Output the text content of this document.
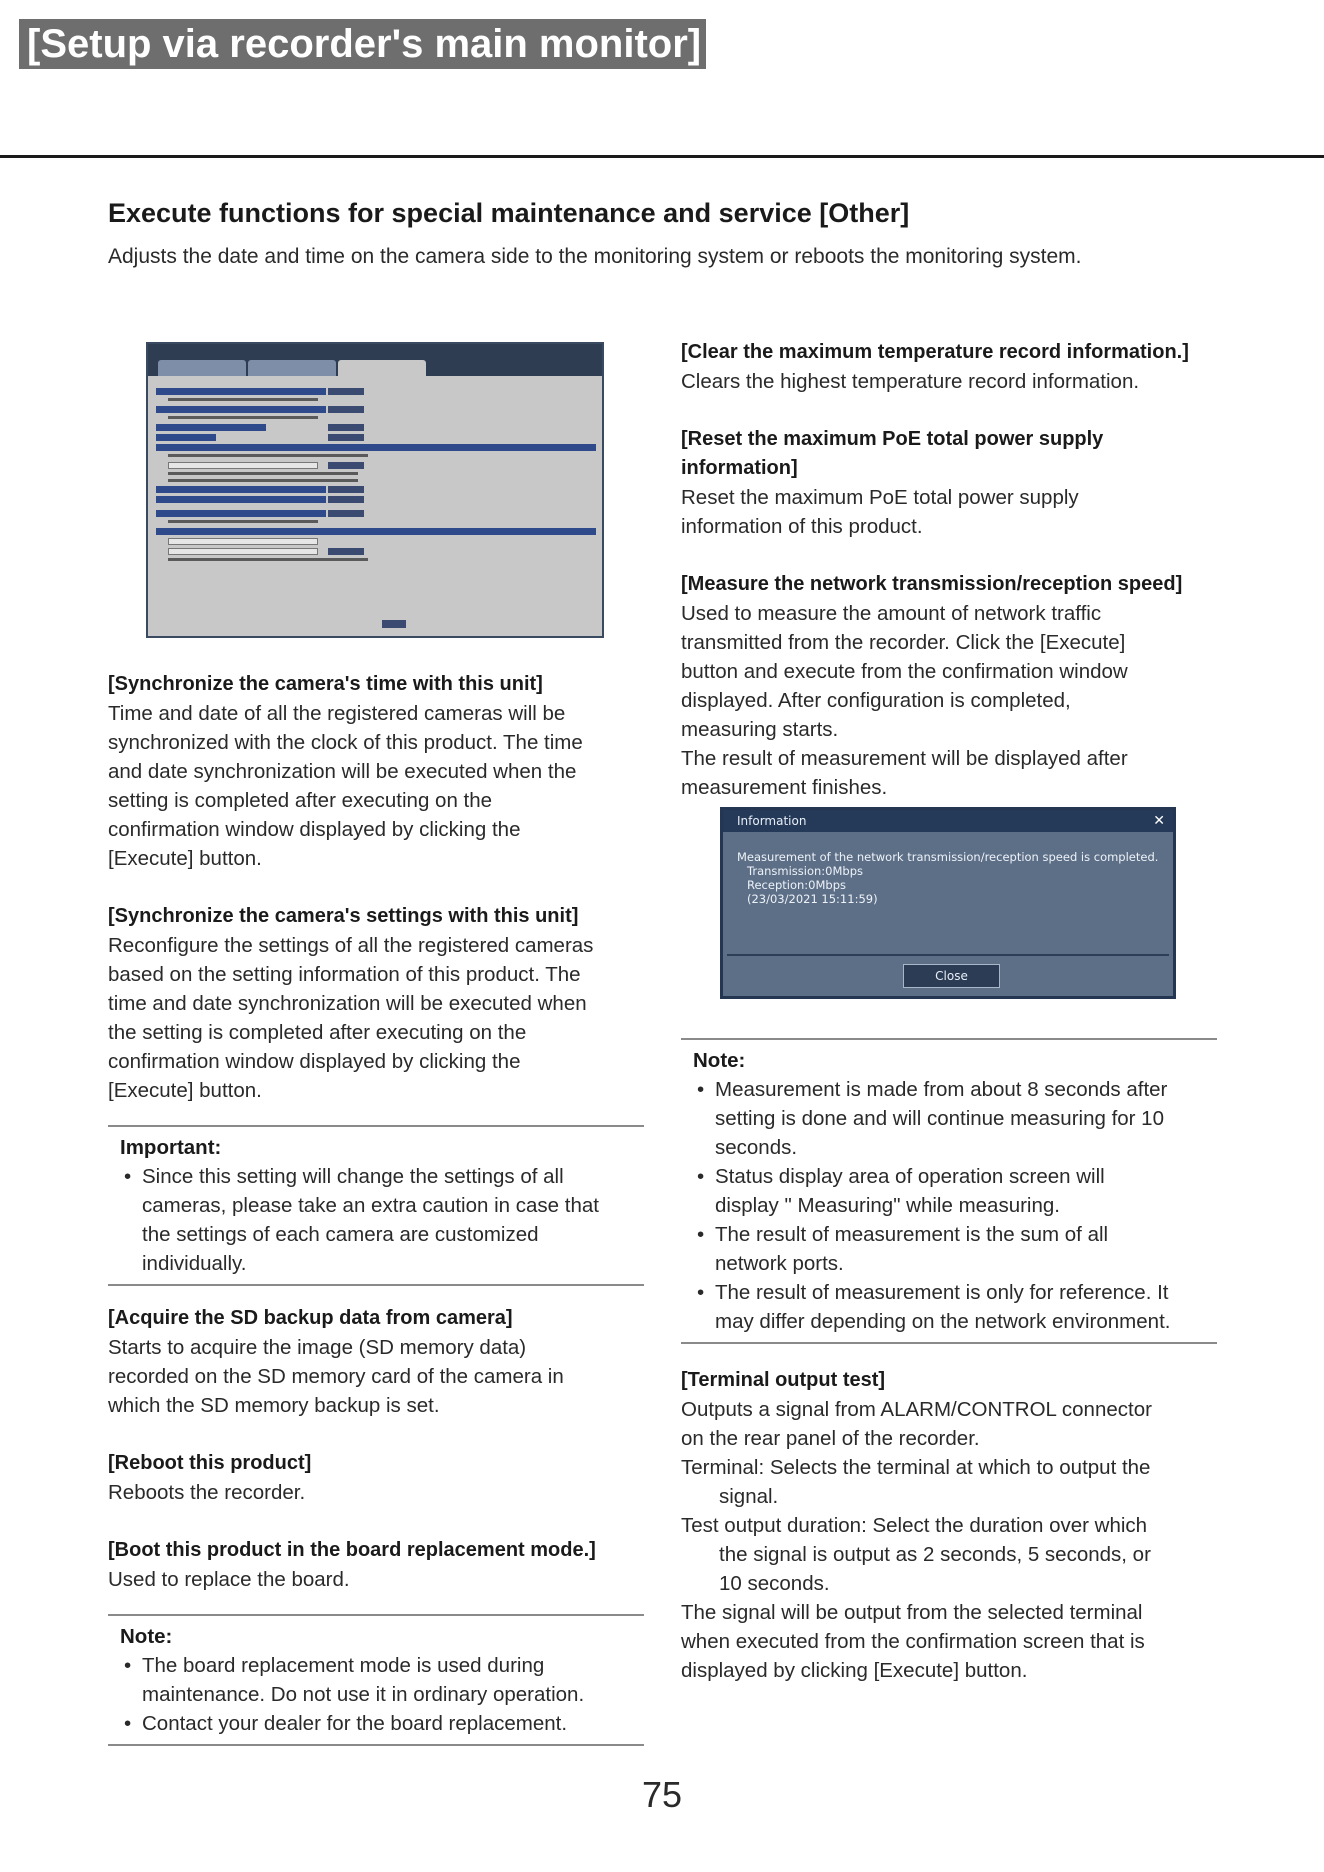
[Setup via recorder's main monitor]
Execute functions for special maintenance and service [Other]
Adjusts the date and time on the camera side to the monitoring system or reboots the monitoring system.
[Synchronize the camera's time with this unit]
Time and date of all the registered cameras will be
synchronized with the clock of this product. The time
and date synchronization will be executed when the
setting is completed after executing on the
confirmation window displayed by clicking the
[Execute] button.
[Synchronize the camera's settings with this unit]
Reconfigure the settings of all the registered cameras
based on the setting information of this product. The
time and date synchronization will be executed when
the setting is completed after executing on the
confirmation window displayed by clicking the
[Execute] button.
Important:
• Since this setting will change the settings of all
cameras, please take an extra caution in case that
the settings of each camera are customized
individually.
[Acquire the SD backup data from camera]
Starts to acquire the image (SD memory data)
recorded on the SD memory card of the camera in
which the SD memory backup is set.
[Reboot this product]
Reboots the recorder.
[Boot this product in the board replacement mode.]
Used to replace the board.
Note:
• The board replacement mode is used during
maintenance. Do not use it in ordinary operation.
• Contact your dealer for the board replacement.
[Clear the maximum temperature record information.]
Clears the highest temperature record information.
[Reset the maximum PoE total power supply
information]
Reset the maximum PoE total power supply
information of this product.
[Measure the network transmission/reception speed]
Used to measure the amount of network traffic
transmitted from the recorder. Click the [Execute]
button and execute from the confirmation window
displayed. After configuration is completed,
measuring starts.
The result of measurement will be displayed after
measurement finishes.
Note:
• Measurement is made from about 8 seconds after
setting is done and will continue measuring for 10
seconds.
• Status display area of operation screen will
display " Measuring" while measuring.
• The result of measurement is the sum of all
network ports.
• The result of measurement is only for reference. It
may differ depending on the network environment.
[Terminal output test]
Outputs a signal from ALARM/CONTROL connector
on the rear panel of the recorder.
Terminal: Selects the terminal at which to output the
signal.
Test output duration: Select the duration over which
the signal is output as 2 seconds, 5 seconds, or
10 seconds.
The signal will be output from the selected terminal
when executed from the confirmation screen that is
displayed by clicking [Execute] button.
Information	✕
Measurement of the network transmission/reception speed is completed.
Transmission:0Mbps
Reception:0Mbps
(23/03/2021 15:11:59)
Close
75
